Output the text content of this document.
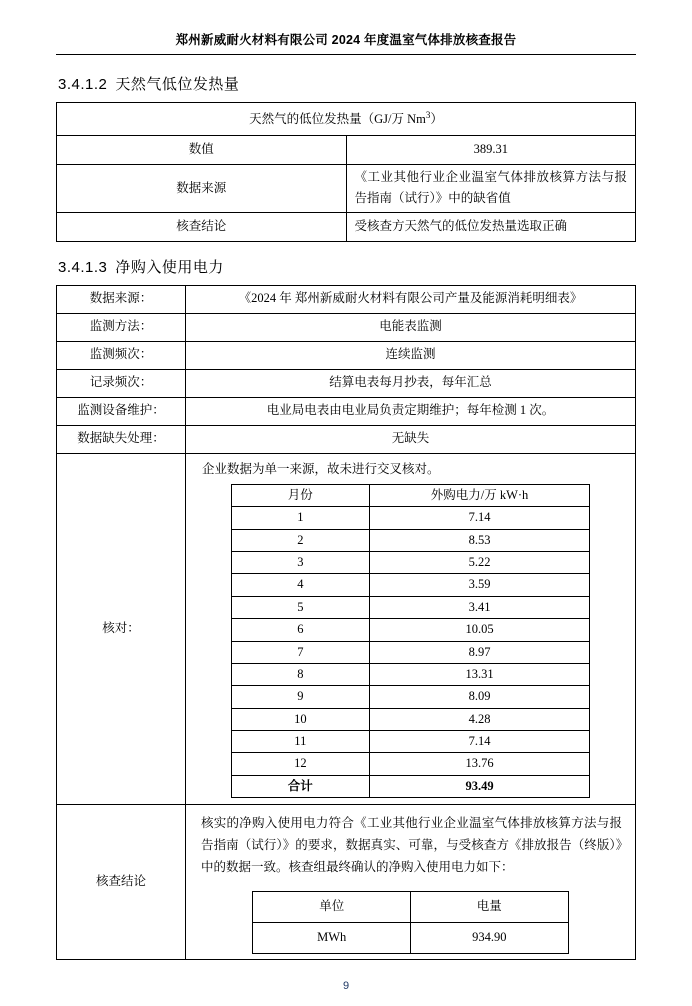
郑州新威耐火材料有限公司 2024 年度温室气体排放核查报告
3.4.1.2 天然气低位发热量
天然气的低位发热量（GJ/万 Nm$^3$）	
数值	389.31
数据来源	《工业其他行业企业温室气体排放核算方法与报告指南（试行）》中的缺省值
核查结论	受核查方天然气的低位发热量选取正确
3.4.1.3 净购入使用电力
数据来源：	《2024 年 郑州新威耐火材料有限公司产量及能源消耗明细表》
监测方法：	电能表监测
监测频次：	连续监测
记录频次：	结算电表每月抄表，每年汇总
监测设备维护：	电业局电表由电业局负责定期维护；每年检测 1 次。
数据缺失处理：	无缺失
核对：	
企业数据为单一来源，故未进行交叉核对。
月份	外购电力/万 kW·h
1	7.14
2	8.53
3	5.22
4	3.59
5	3.41
6	10.05
7	8.97
8	13.31
9	8.09
10	4.28
11	7.14
12	13.76
合计	93.49

核查结论	
核实的净购入使用电力符合《工业其他行业企业温室气体排放核算方法与报告指南（试行）》的要求，数据真实、可靠，与受核查方《排放报告（终版）》中的数据一致。核查组最终确认的净购入使用电力如下：
单位	电量
MWh	934.90
9
